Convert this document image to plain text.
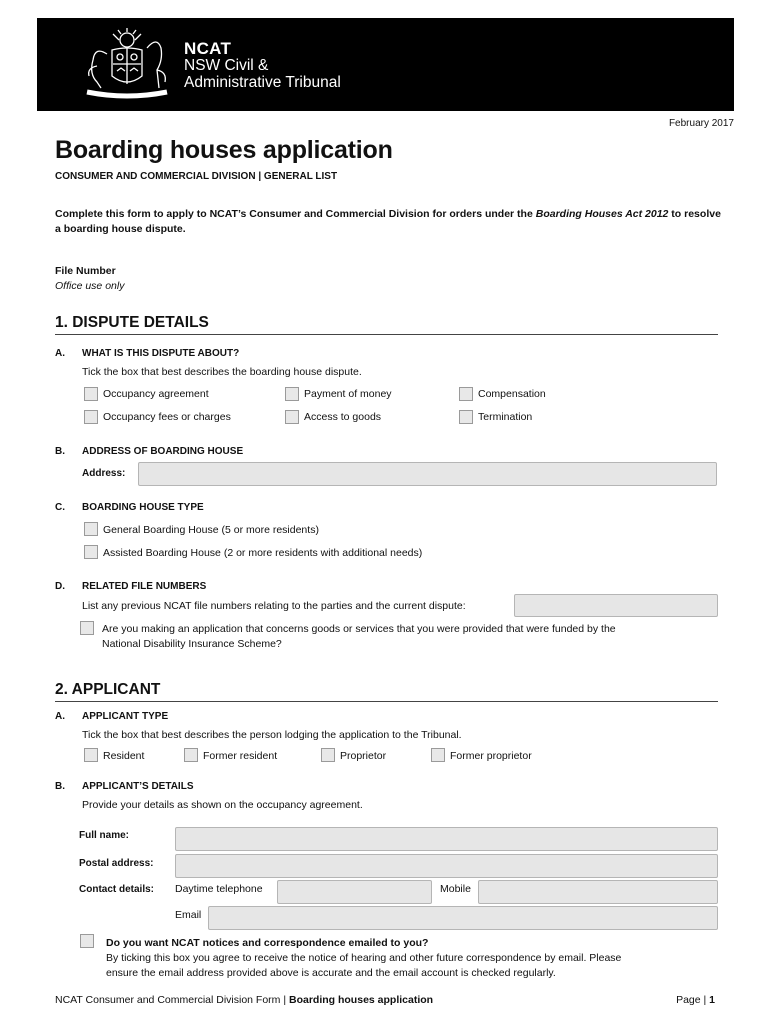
NCAT
NSW Civil &
Administrative Tribunal
February 2017
Boarding houses application
CONSUMER AND COMMERCIAL DIVISION | GENERAL LIST
Complete this form to apply to NCAT’s Consumer and Commercial Division for orders under the Boarding Houses Act 2012 to resolve a boarding house dispute.
File Number
Office use only
1. DISPUTE DETAILS
A. WHAT IS THIS DISPUTE ABOUT?
Tick the box that best describes the boarding house dispute.
Occupancy agreement	Payment of money	Compensation
Occupancy fees or charges	Access to goods	Termination
B. ADDRESS OF BOARDING HOUSE
Address:
C. BOARDING HOUSE TYPE
General Boarding House (5 or more residents)
Assisted Boarding House (2 or more residents with additional needs)
D. RELATED FILE NUMBERS
List any previous NCAT file numbers relating to the parties and the current dispute:
Are you making an application that concerns goods or services that you were provided that were funded by the
National Disability Insurance Scheme?
2. APPLICANT
A. APPLICANT TYPE
Tick the box that best describes the person lodging the application to the Tribunal.
Resident	Former resident	Proprietor	Former proprietor
B. APPLICANT’S DETAILS
Provide your details as shown on the occupancy agreement.
Full name:
Postal address:
Contact details: Daytime telephone	Mobile
Email
Do you want NCAT notices and correspondence emailed to you?
By ticking this box you agree to receive the notice of hearing and other future correspondence by email. Please
ensure the email address provided above is accurate and the email account is checked regularly.
NCAT Consumer and Commercial Division Form | Boarding houses application	Page | 1
